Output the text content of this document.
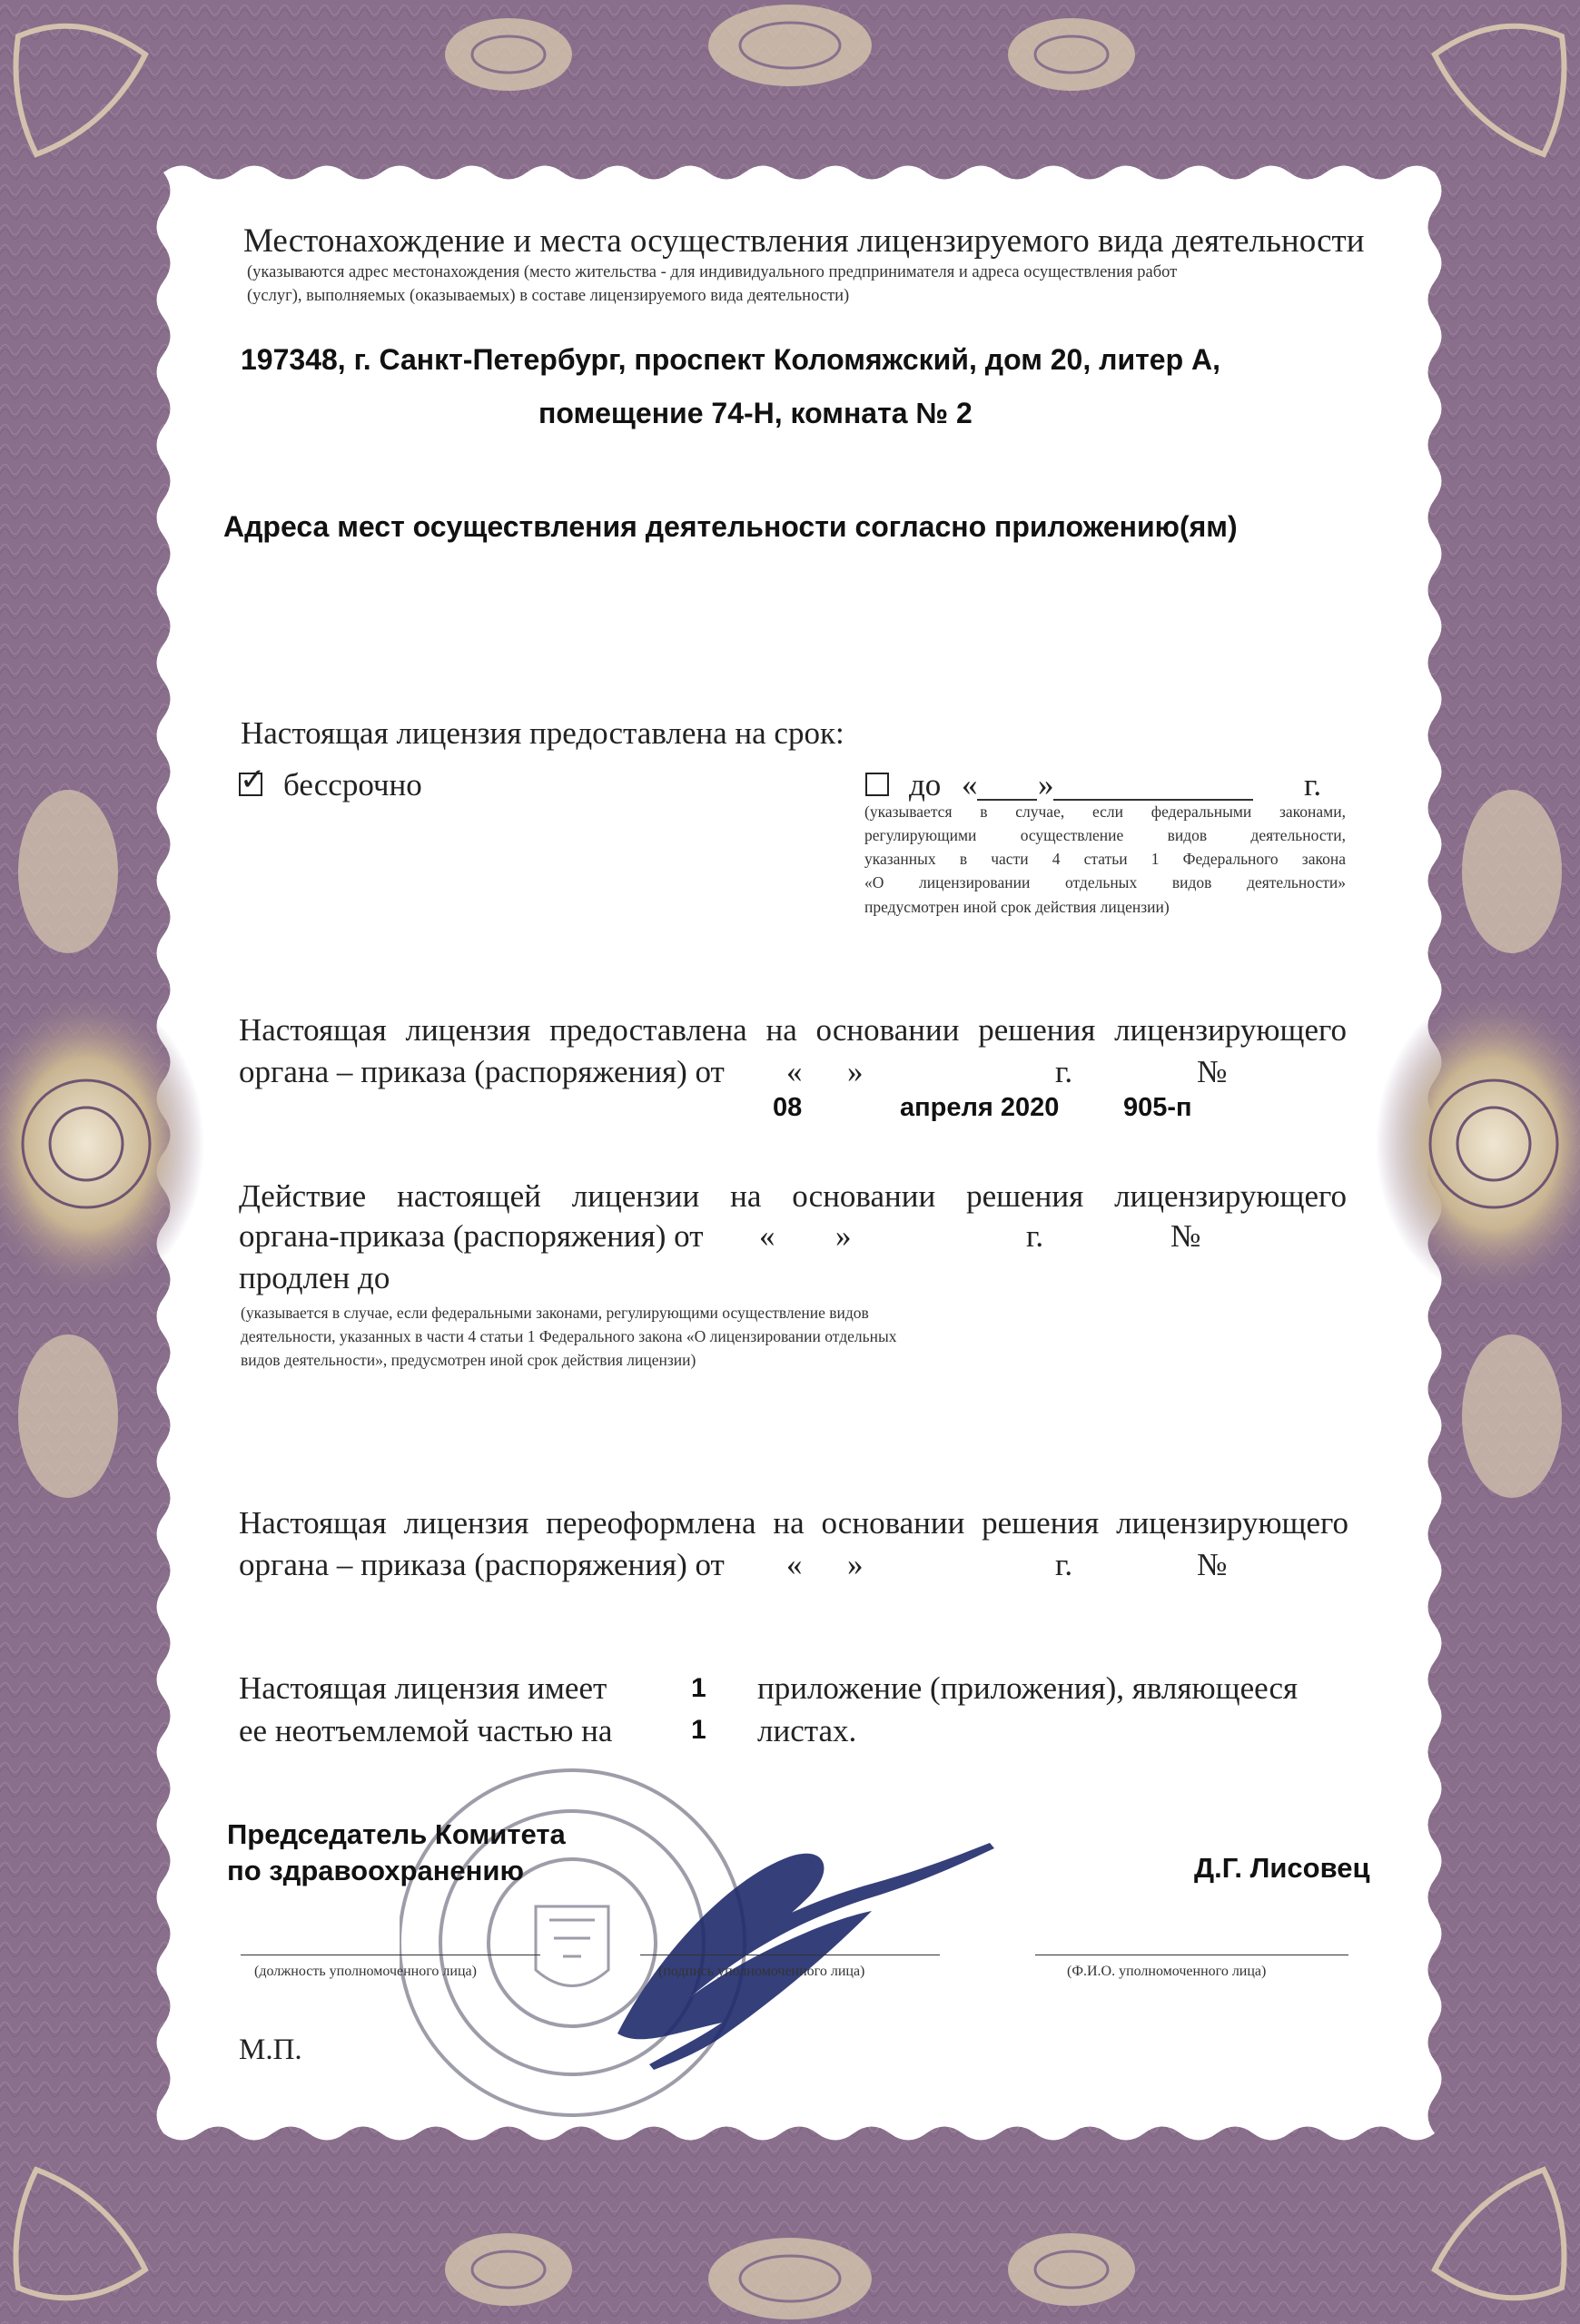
Местонахождение и места осуществления лицензируемого вида деятельности
(указываются адрес местонахождения (место жительства - для индивидуального предпринимателя и адреса осуществления работ
(услуг), выполняемых (оказываемых) в составе лицензируемого вида деятельности)
197348, г. Санкт-Петербург, проспект Коломяжский, дом 20, литер А,
помещение 74-Н, комната № 2
Адреса мест осуществления деятельности согласно приложению(ям)
Настоящая лицензия предоставлена на срок:
✓ бессрочно	до « »	г.
(указывается в случае, если федеральными законами,
регулирующими осуществление видов деятельности,
указанных в части 4 статьи 1 Федерального закона
«О лицензировании отдельных видов деятельности»
предусмотрен иной срок действия лицензии)
Настоящая лицензия предоставлена на основании решения лицензирующего
органа – приказа (распоряжения) от « »	г.	№
08	апреля 2020 905-п
Действие настоящей лицензии на основании решения лицензирующего
органа-приказа (распоряжения) от « »	г.	№
продлен до
(указывается в случае, если федеральными законами, регулирующими осуществление видов
деятельности, указанных в части 4 статьи 1 Федерального закона «О лицензировании отдельных
видов деятельности», предусмотрен иной срок действия лицензии)
Настоящая лицензия переоформлена на основании решения лицензирующего
органа – приказа (распоряжения) от « »	г.	№
Настоящая лицензия имеет	1 приложение (приложения), являющееся
ее неотъемлемой частью на	1 листах.
Председатель Комитета
по здравоохранению	Д.Г. Лисовец
(должность уполномоченного лица)	(подпись уполномоченного лица)	(Ф.И.О. уполномоченного лица)
М.П.
